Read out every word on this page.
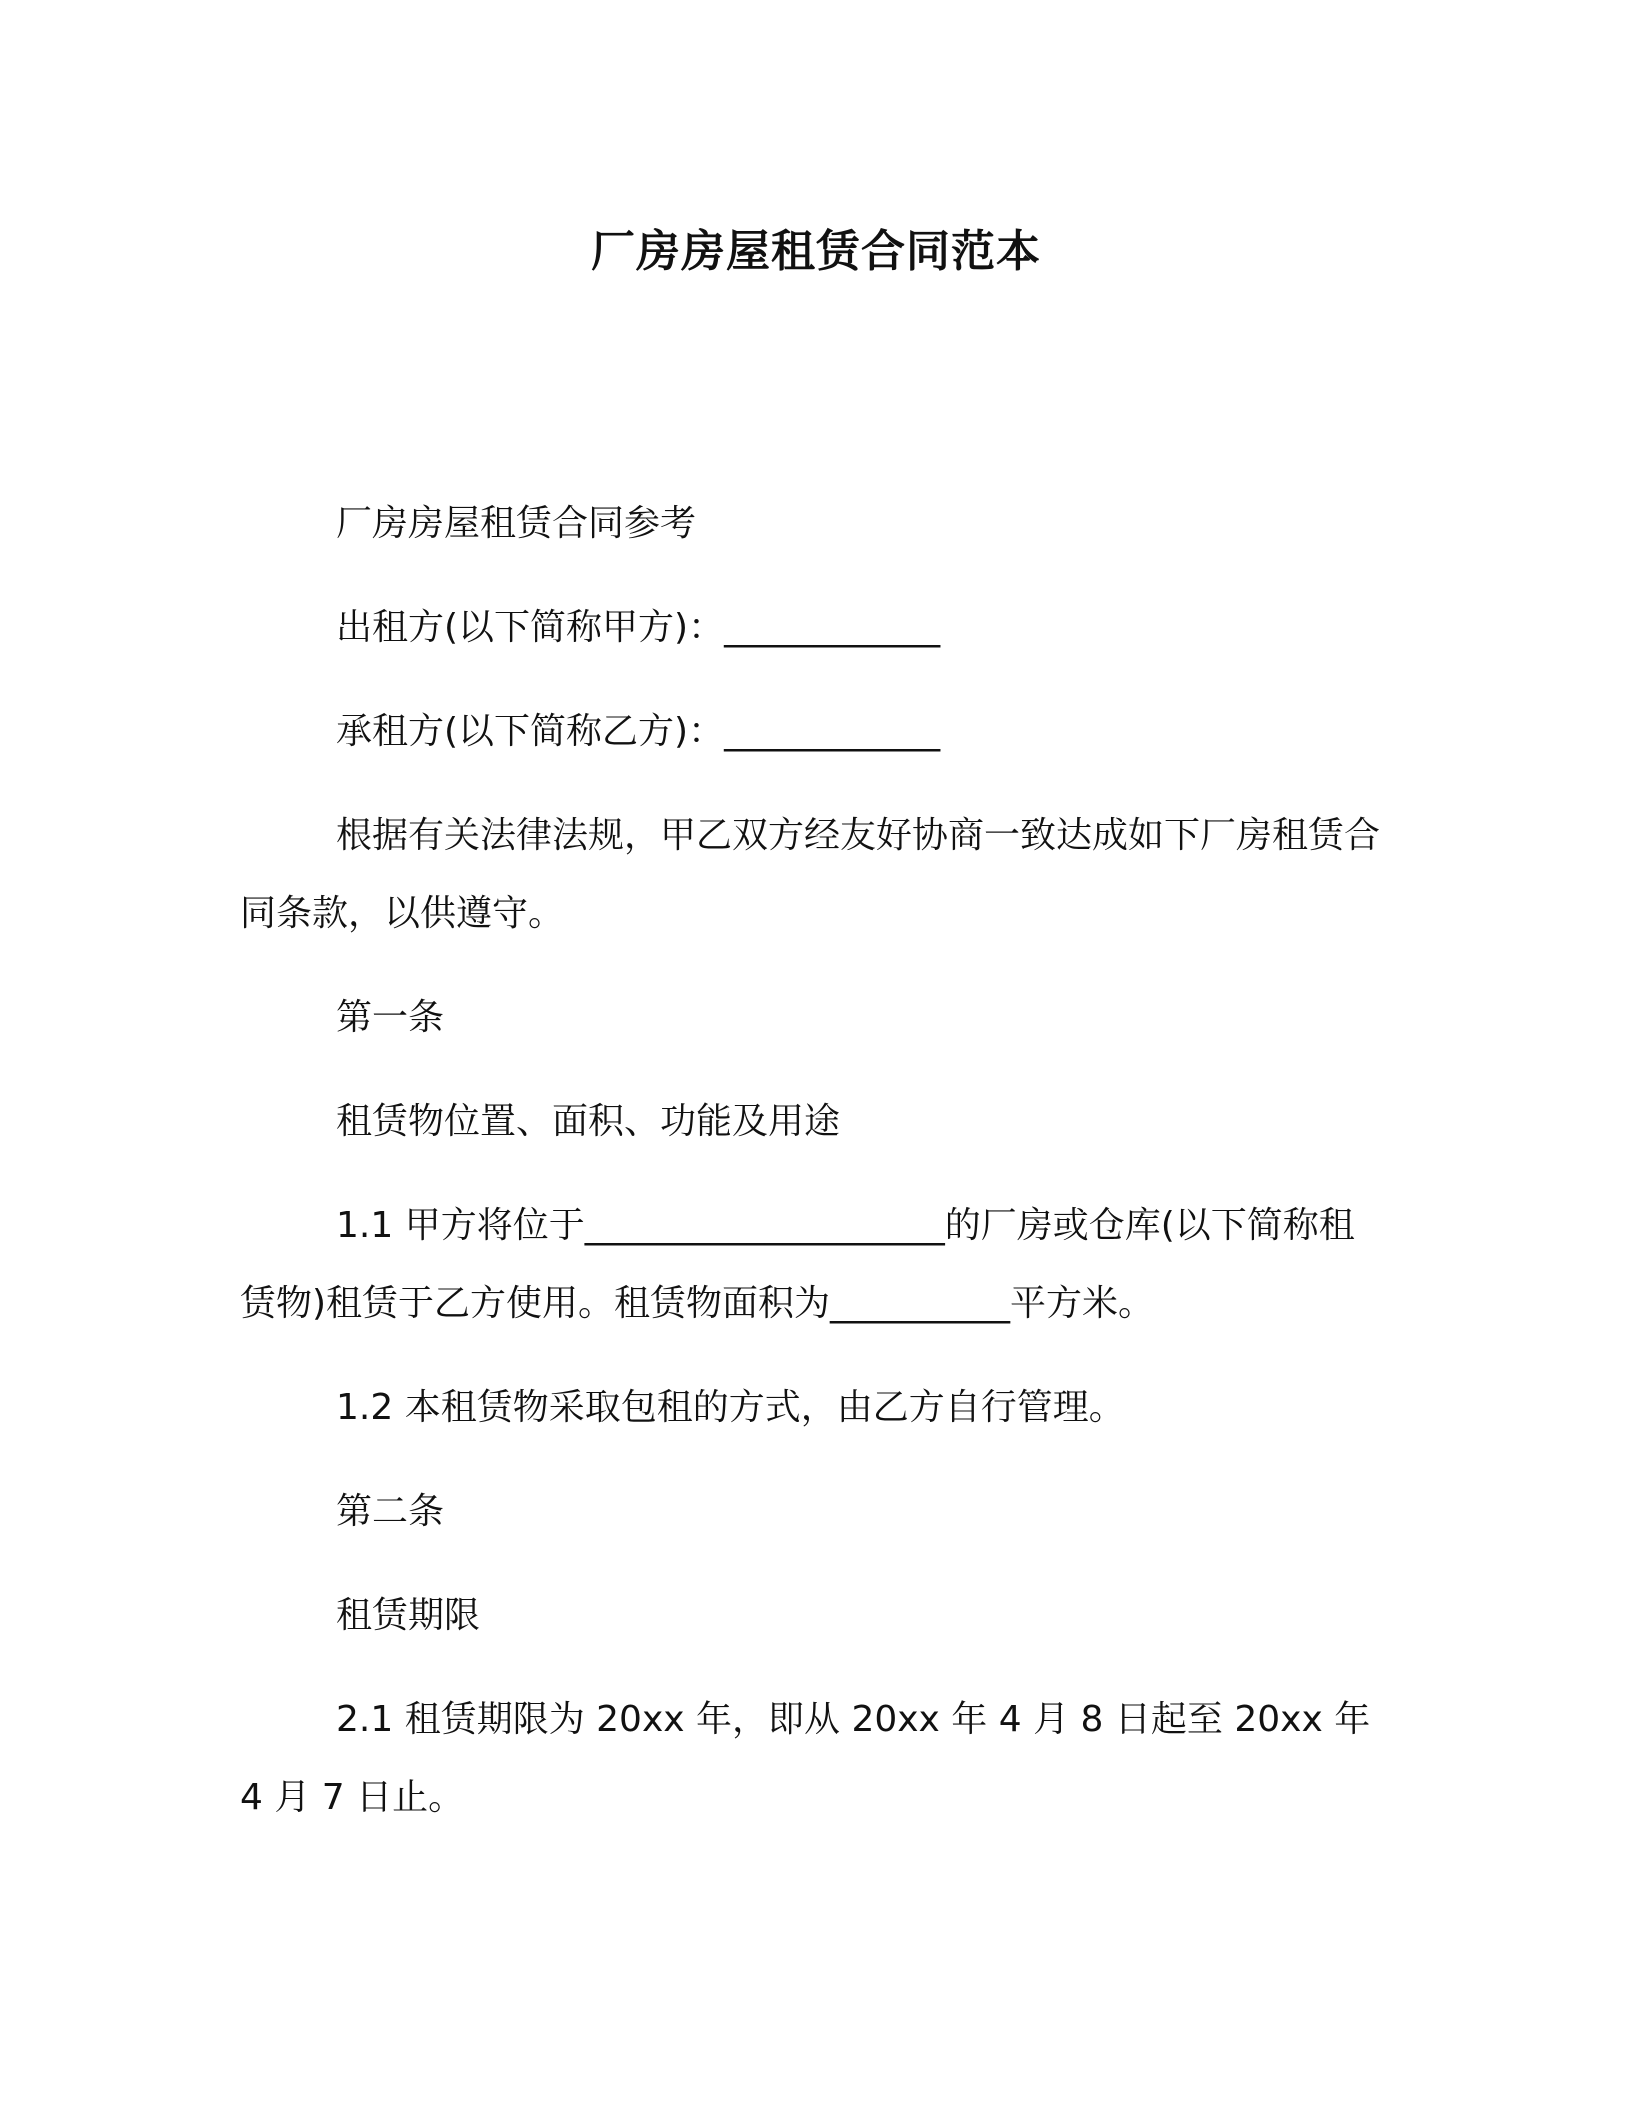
厂房房屋租赁合同范本

厂房房屋租赁合同参考

出租方(以下简称甲方)：____________

承租方(以下简称乙方)：____________

根据有关法律法规，甲乙双方经友好协商一致达成如下厂房租赁合同条款，以供遵守。

第一条

租赁物位置、面积、功能及用途

1.1 甲方将位于____________________的厂房或仓库(以下简称租赁物)租赁于乙方使用。租赁物面积为__________平方米。

1.2 本租赁物采取包租的方式，由乙方自行管理。

第二条

租赁期限

2.1 租赁期限为 20xx 年，即从 20xx 年 4 月 8 日起至 20xx 年 4 月 7 日止。
